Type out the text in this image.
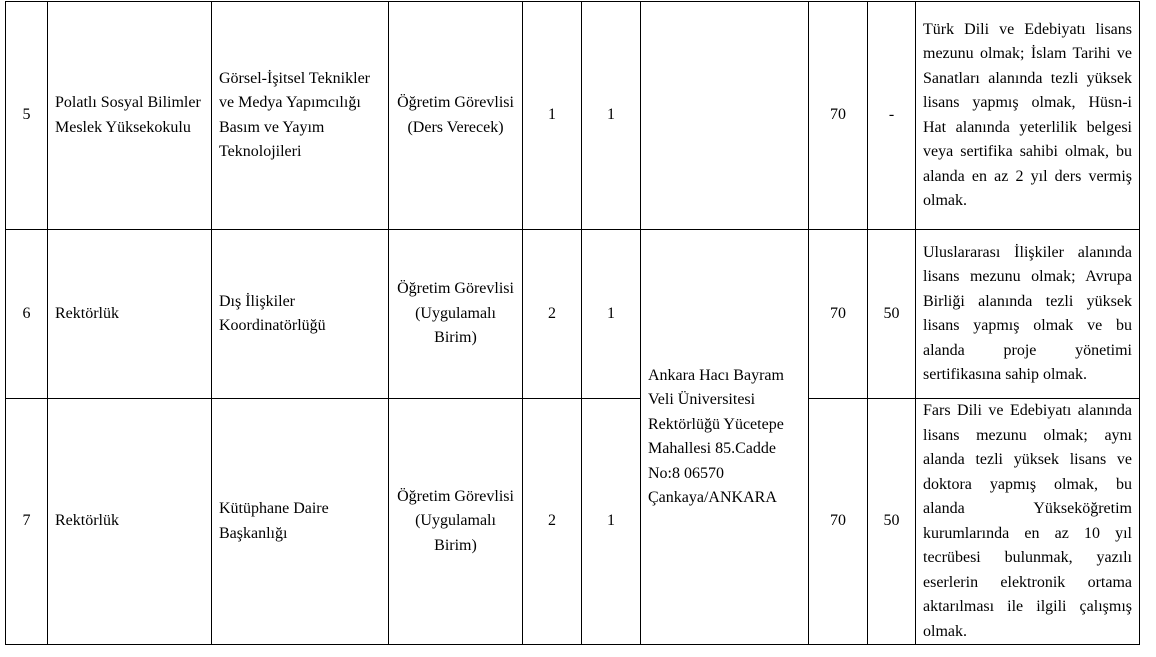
5	Polatlı Sosyal Bilimler Meslek Yüksekokulu	Görsel-İşitsel Teknikler ve Medya Yapımcılığı Basım ve Yayım Teknolojileri	Öğretim Görevlisi (Ders Verecek)	1	1		70	-	Türk Dili ve Edebiyatı lisans mezunu olmak; İslam Tarihi ve Sanatları alanında tezli yüksek lisans yapmış olmak, Hüsn-i Hat alanında yeterlilik belgesi veya sertifika sahibi olmak, bu alanda en az 2 yıl ders vermiş olmak.
6	Rektörlük	Dış İlişkiler Koordinatörlüğü	Öğretim Görevlisi (Uygulamalı Birim)	2	1	Ankara Hacı Bayram Veli Üniversitesi Rektörlüğü Yücetepe Mahallesi 85.Cadde No:8 06570 Çankaya/ANKARA	70	50	Uluslararası İlişkiler alanında lisans mezunu olmak; Avrupa Birliği alanında tezli yüksek lisans yapmış olmak ve bu alanda proje yönetimi sertifikasına sahip olmak.
7	Rektörlük	Kütüphane Daire Başkanlığı	Öğretim Görevlisi (Uygulamalı Birim)	2	1		70	50	Fars Dili ve Edebiyatı alanında lisans mezunu olmak; aynı alanda tezli yüksek lisans ve doktora yapmış olmak, bu alanda Yükseköğretim kurumlarında en az 10 yıl tecrübesi bulunmak, yazılı eserlerin elektronik ortama aktarılması ile ilgili çalışmış olmak.
